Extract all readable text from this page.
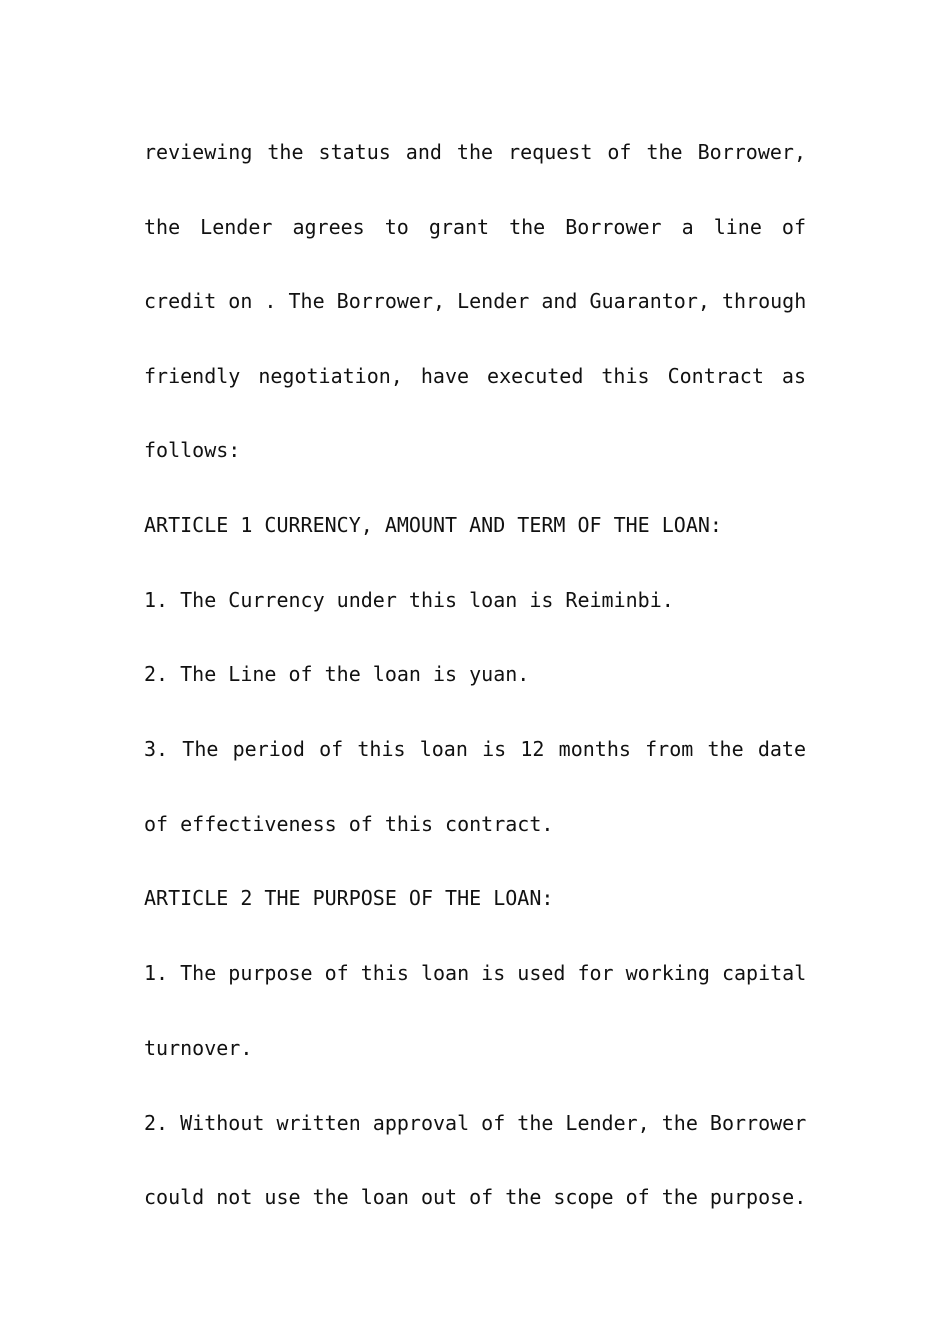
reviewing the status and the request of the Borrower,
the Lender agrees to grant the Borrower a line of
credit on . The Borrower, Lender and Guarantor, through
friendly negotiation, have executed this Contract as
follows:
ARTICLE 1 CURRENCY, AMOUNT AND TERM OF THE LOAN:
1. The Currency under this loan is Reiminbi.
2. The Line of the loan is yuan.
3. The period of this loan is 12 months from the date
of effectiveness of this contract.
ARTICLE 2 THE PURPOSE OF THE LOAN:
1. The purpose of this loan is used for working capital
turnover.
2. Without written approval of the Lender, the Borrower
could not use the loan out of the scope of the purpose.
